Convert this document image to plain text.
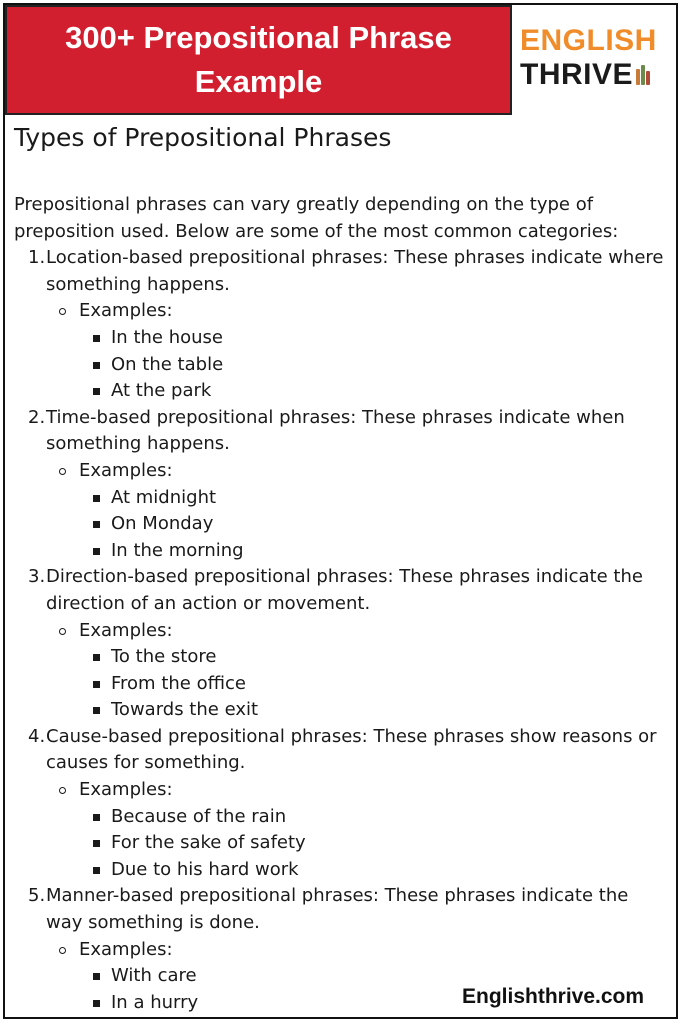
300+ Prepositional Phrase Example
ENGLISH
THRIVE
Types of Prepositional Phrases

Prepositional phrases can vary greatly depending on the type of preposition used. Below are some of the most common categories:

1. Location-based prepositional phrases: These phrases indicate where something happens.
Examples:
In the house
On the table
At the park
2. Time-based prepositional phrases: These phrases indicate when something happens.
Examples:
At midnight
On Monday
In the morning
3. Direction-based prepositional phrases: These phrases indicate the direction of an action or movement.
Examples:
To the store
From the office
Towards the exit
4. Cause-based prepositional phrases: These phrases show reasons or causes for something.
Examples:
Because of the rain
For the sake of safety
Due to his hard work
5. Manner-based prepositional phrases: These phrases indicate the way something is done.
Examples:
With care
In a hurry	Englishthrive.com
